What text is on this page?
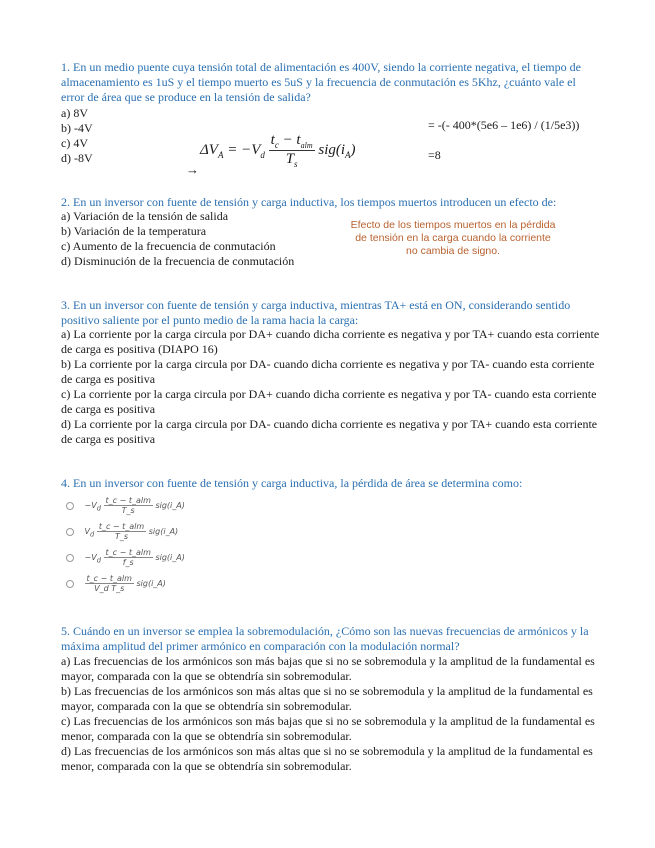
1. En un medio puente cuya tensión total de alimentación es 400V, siendo la corriente negativa, el tiempo de almacenamiento es 1uS y el tiempo muerto es 5uS y la frecuencia de conmutación es 5Khz, ¿cuánto vale el error de área que se produce en la tensión de salida?
a) 8V
b) -4V
c) 4V
d) -8V
$\Delta V_A = -V_d \frac{t_c - t_{alm}}{T_s} sig(i_A)$
→
= -(- 400*(5e6 – 1e6) / (1/5e3))
=8
2. En un inversor con fuente de tensión y carga inductiva, los tiempos muertos introducen un efecto de:
a) Variación de la tensión de salida
b) Variación de la temperatura
c) Aumento de la frecuencia de conmutación
d) Disminución de la frecuencia de conmutación
Efecto de los tiempos muertos en la pérdida de tensión en la carga cuando la corriente no cambia de signo.
3. En un inversor con fuente de tensión y carga inductiva, mientras TA+ está en ON, considerando sentido positivo saliente por el punto medio de la rama hacia la carga:
a) La corriente por la carga circula por DA+ cuando dicha corriente es negativa y por TA+ cuando esta corriente de carga es positiva (DIAPO 16)
b) La corriente por la carga circula por DA- cuando dicha corriente es negativa y por TA- cuando esta corriente de carga es positiva
c) La corriente por la carga circula por DA+ cuando dicha corriente es negativa y por TA- cuando esta corriente de carga es positiva
d) La corriente por la carga circula por DA- cuando dicha corriente es negativa y por TA+ cuando esta corriente de carga es positiva
4. En un inversor con fuente de tensión y carga inductiva, la pérdida de área se determina como:
$-V_d \frac{\text{t\_c − t\_alm}}{T\_s}$ sig(i_A)
$V_d \frac{\text{t\_c − t\_alm}}{T\_s}$ sig(i_A)
$-V_d \frac{\text{t\_c − t\_alm}}{f\_s}$ sig(i_A)

$\frac{\text{t\_c − t\_alm}}{\text{V\_d T\_s}}$ sig(i_A)
5. Cuándo en un inversor se emplea la sobremodulación, ¿Cómo son las nuevas frecuencias de armónicos y la máxima amplitud del primer armónico en comparación con la modulación normal?
a) Las frecuencias de los armónicos son más bajas que si no se sobremodula y la amplitud de la fundamental es mayor, comparada con la que se obtendría sin sobremodular.
b) Las frecuencias de los armónicos son más altas que si no se sobremodula y la amplitud de la fundamental es mayor, comparada con la que se obtendría sin sobremodular.
c) Las frecuencias de los armónicos son más bajas que si no se sobremodula y la amplitud de la fundamental es menor, comparada con la que se obtendría sin sobremodular.
d) Las frecuencias de los armónicos son más altas que si no se sobremodula y la amplitud de la fundamental es menor, comparada con la que se obtendría sin sobremodular.
